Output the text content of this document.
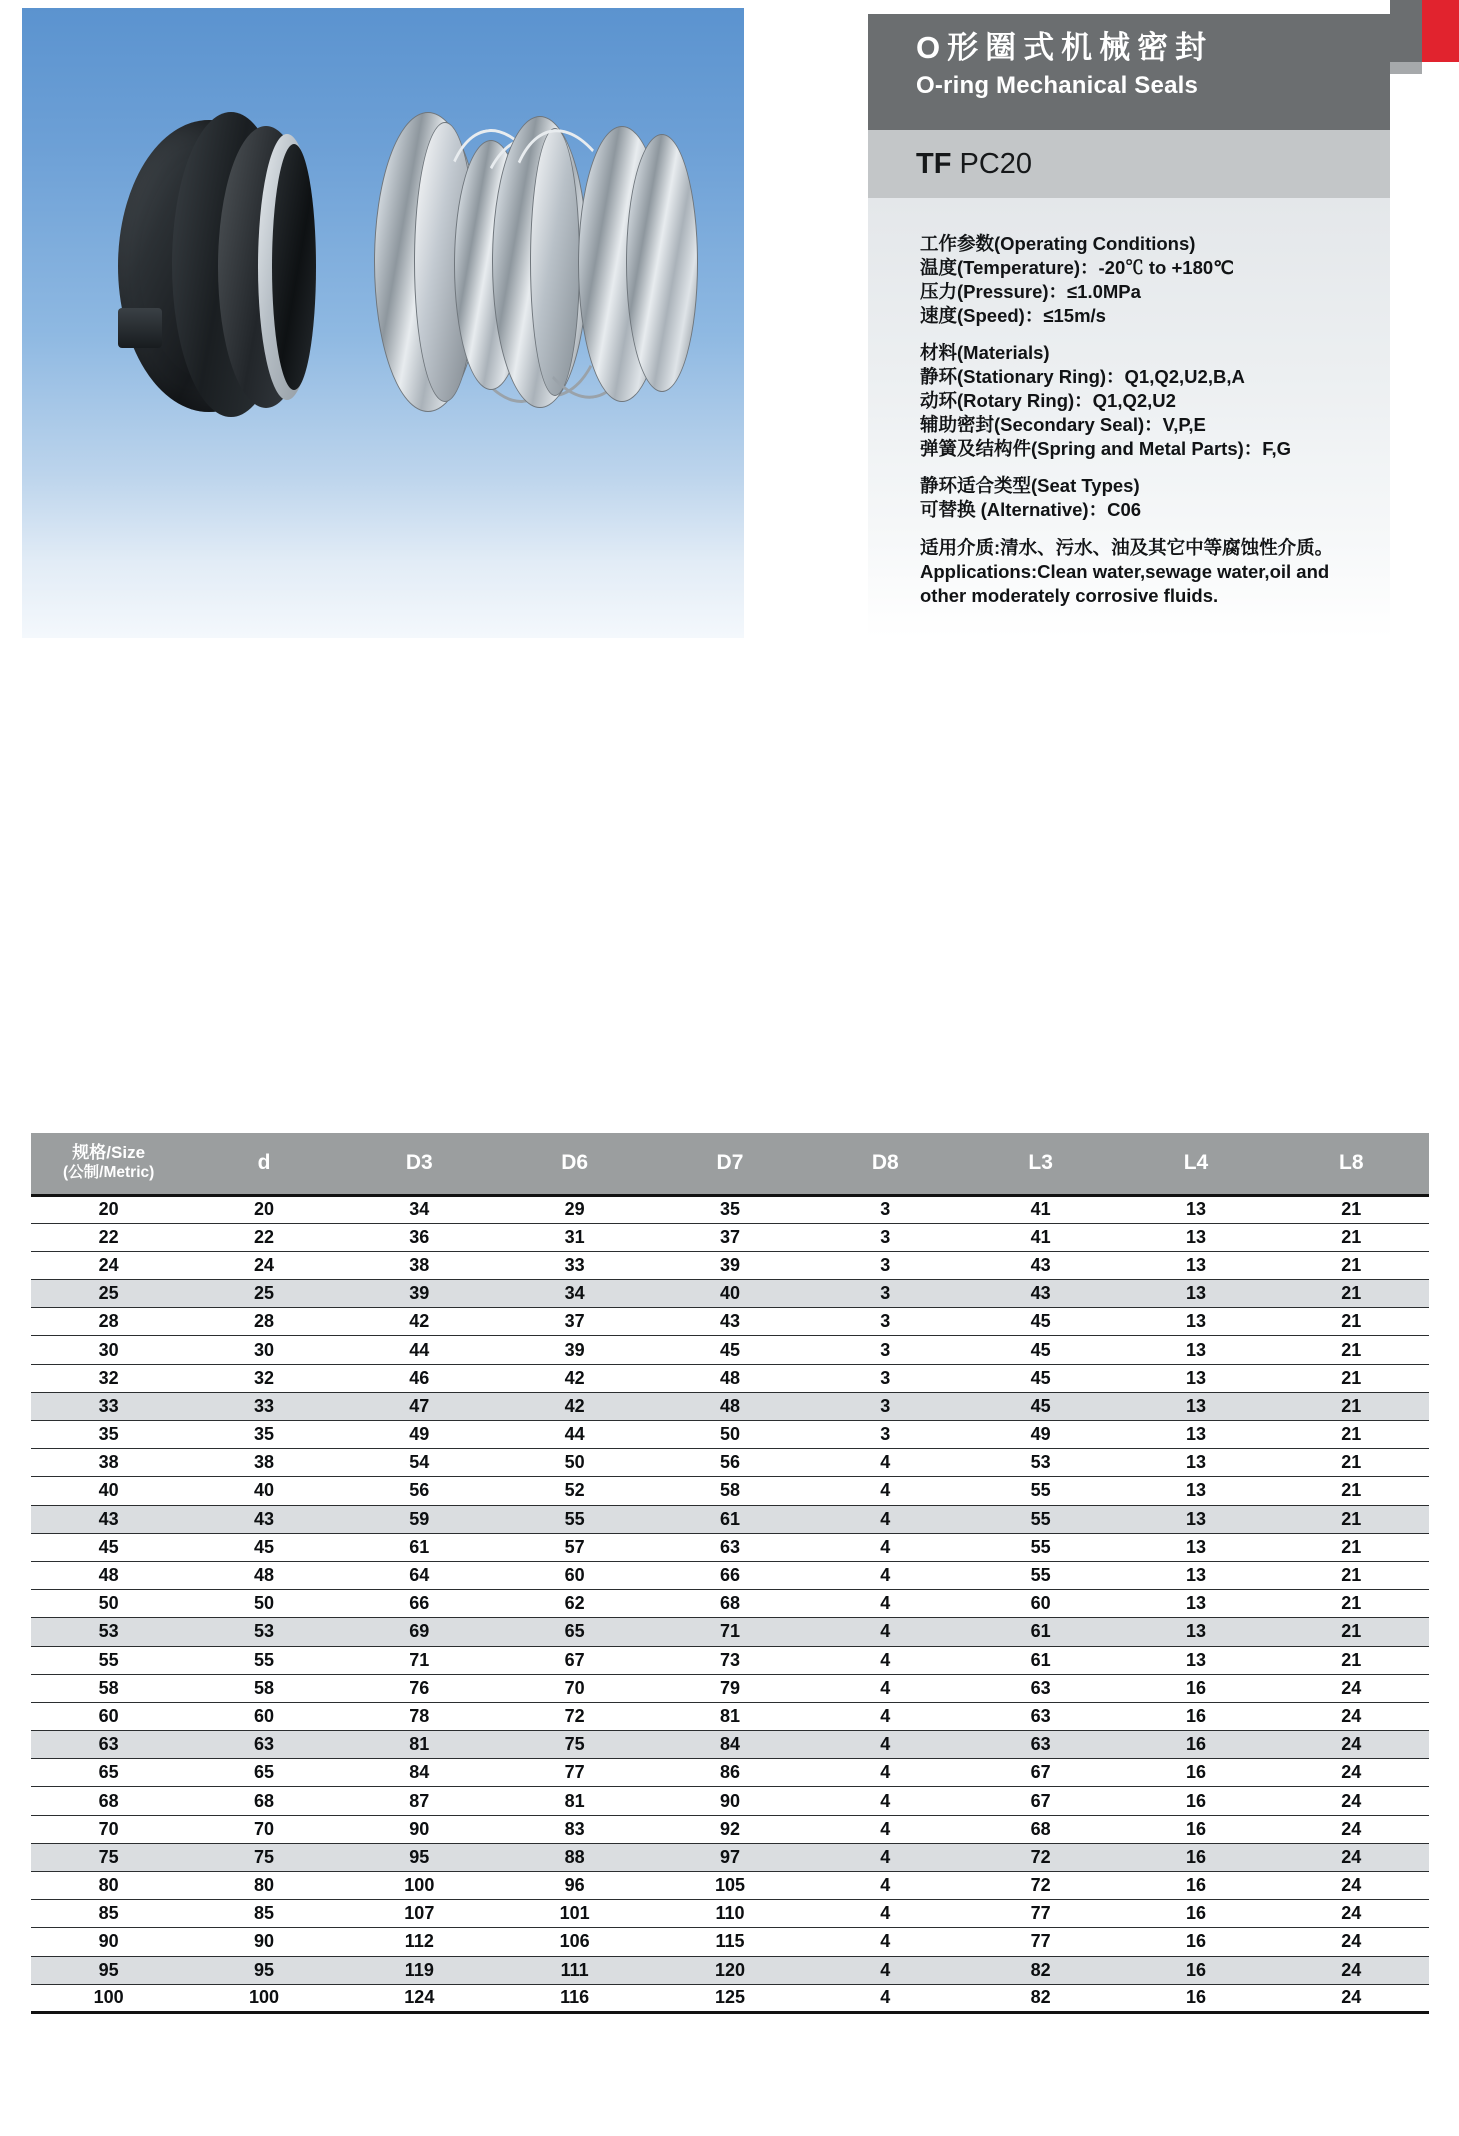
O形圈式机械密封
O-ring Mechanical Seals
TF PC20
工作参数(Operating Conditions)
温度(Temperature)：-20℃ to +180℃
压力(Pressure)：≤1.0MPa
速度(Speed)：≤15m/s
材料(Materials)
静环(Stationary Ring)：Q1,Q2,U2,B,A
动环(Rotary Ring)：Q1,Q2,U2
辅助密封(Secondary Seal)：V,P,E
弹簧及结构件(Spring and Metal Parts)：F,G
静环适合类型(Seat Types)
可替换 (Alternative)：C06
适用介质:清水、污水、油及其它中等腐蚀性介质。
Applications:Clean water,sewage water,oil and other moderately corrosive fluids.
规格/Size
(公制/Metric)	d	D3	D6	D7	D8	L3	L4	L8
20	20	34	29	35	3	41	13	21
22	22	36	31	37	3	41	13	21
24	24	38	33	39	3	43	13	21
25	25	39	34	40	3	43	13	21
28	28	42	37	43	3	45	13	21
30	30	44	39	45	3	45	13	21
32	32	46	42	48	3	45	13	21
33	33	47	42	48	3	45	13	21
35	35	49	44	50	3	49	13	21
38	38	54	50	56	4	53	13	21
40	40	56	52	58	4	55	13	21
43	43	59	55	61	4	55	13	21
45	45	61	57	63	4	55	13	21
48	48	64	60	66	4	55	13	21
50	50	66	62	68	4	60	13	21
53	53	69	65	71	4	61	13	21
55	55	71	67	73	4	61	13	21
58	58	76	70	79	4	63	16	24
60	60	78	72	81	4	63	16	24
63	63	81	75	84	4	63	16	24
65	65	84	77	86	4	67	16	24
68	68	87	81	90	4	67	16	24
70	70	90	83	92	4	68	16	24
75	75	95	88	97	4	72	16	24
80	80	100	96	105	4	72	16	24
85	85	107	101	110	4	77	16	24
90	90	112	106	115	4	77	16	24
95	95	119	111	120	4	82	16	24
100	100	124	116	125	4	82	16	24
